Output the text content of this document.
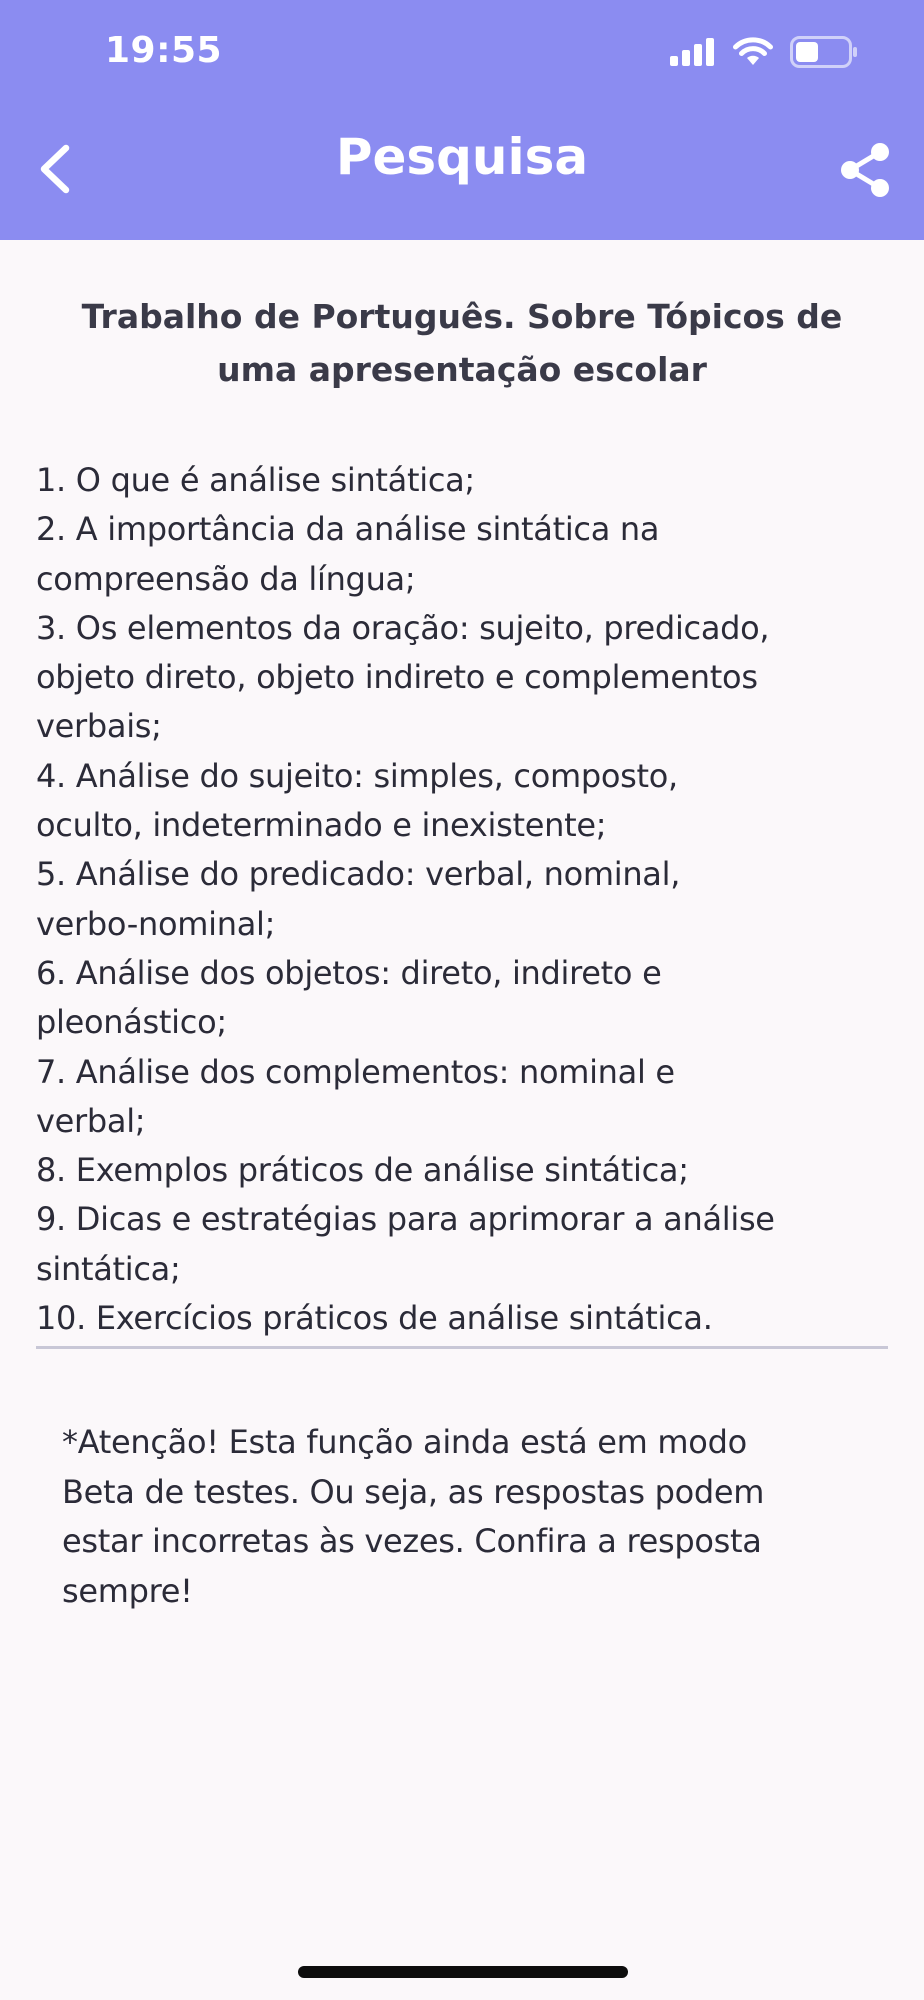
19:55
Pesquisa
Trabalho de Português. Sobre Tópicos de
uma apresentação escolar
1. O que é análise sintática;
2. A importância da análise sintática na
compreensão da língua;
3. Os elementos da oração: sujeito, predicado,
objeto direto, objeto indireto e complementos
verbais;
4. Análise do sujeito: simples, composto,
oculto, indeterminado e inexistente;
5. Análise do predicado: verbal, nominal,
verbo-nominal;
6. Análise dos objetos: direto, indireto e
pleonástico;
7. Análise dos complementos: nominal e
verbal;
8. Exemplos práticos de análise sintática;
9. Dicas e estratégias para aprimorar a análise
sintática;
10. Exercícios práticos de análise sintática.
*Atenção! Esta função ainda está em modo
Beta de testes. Ou seja, as respostas podem
estar incorretas às vezes. Confira a resposta
sempre!
